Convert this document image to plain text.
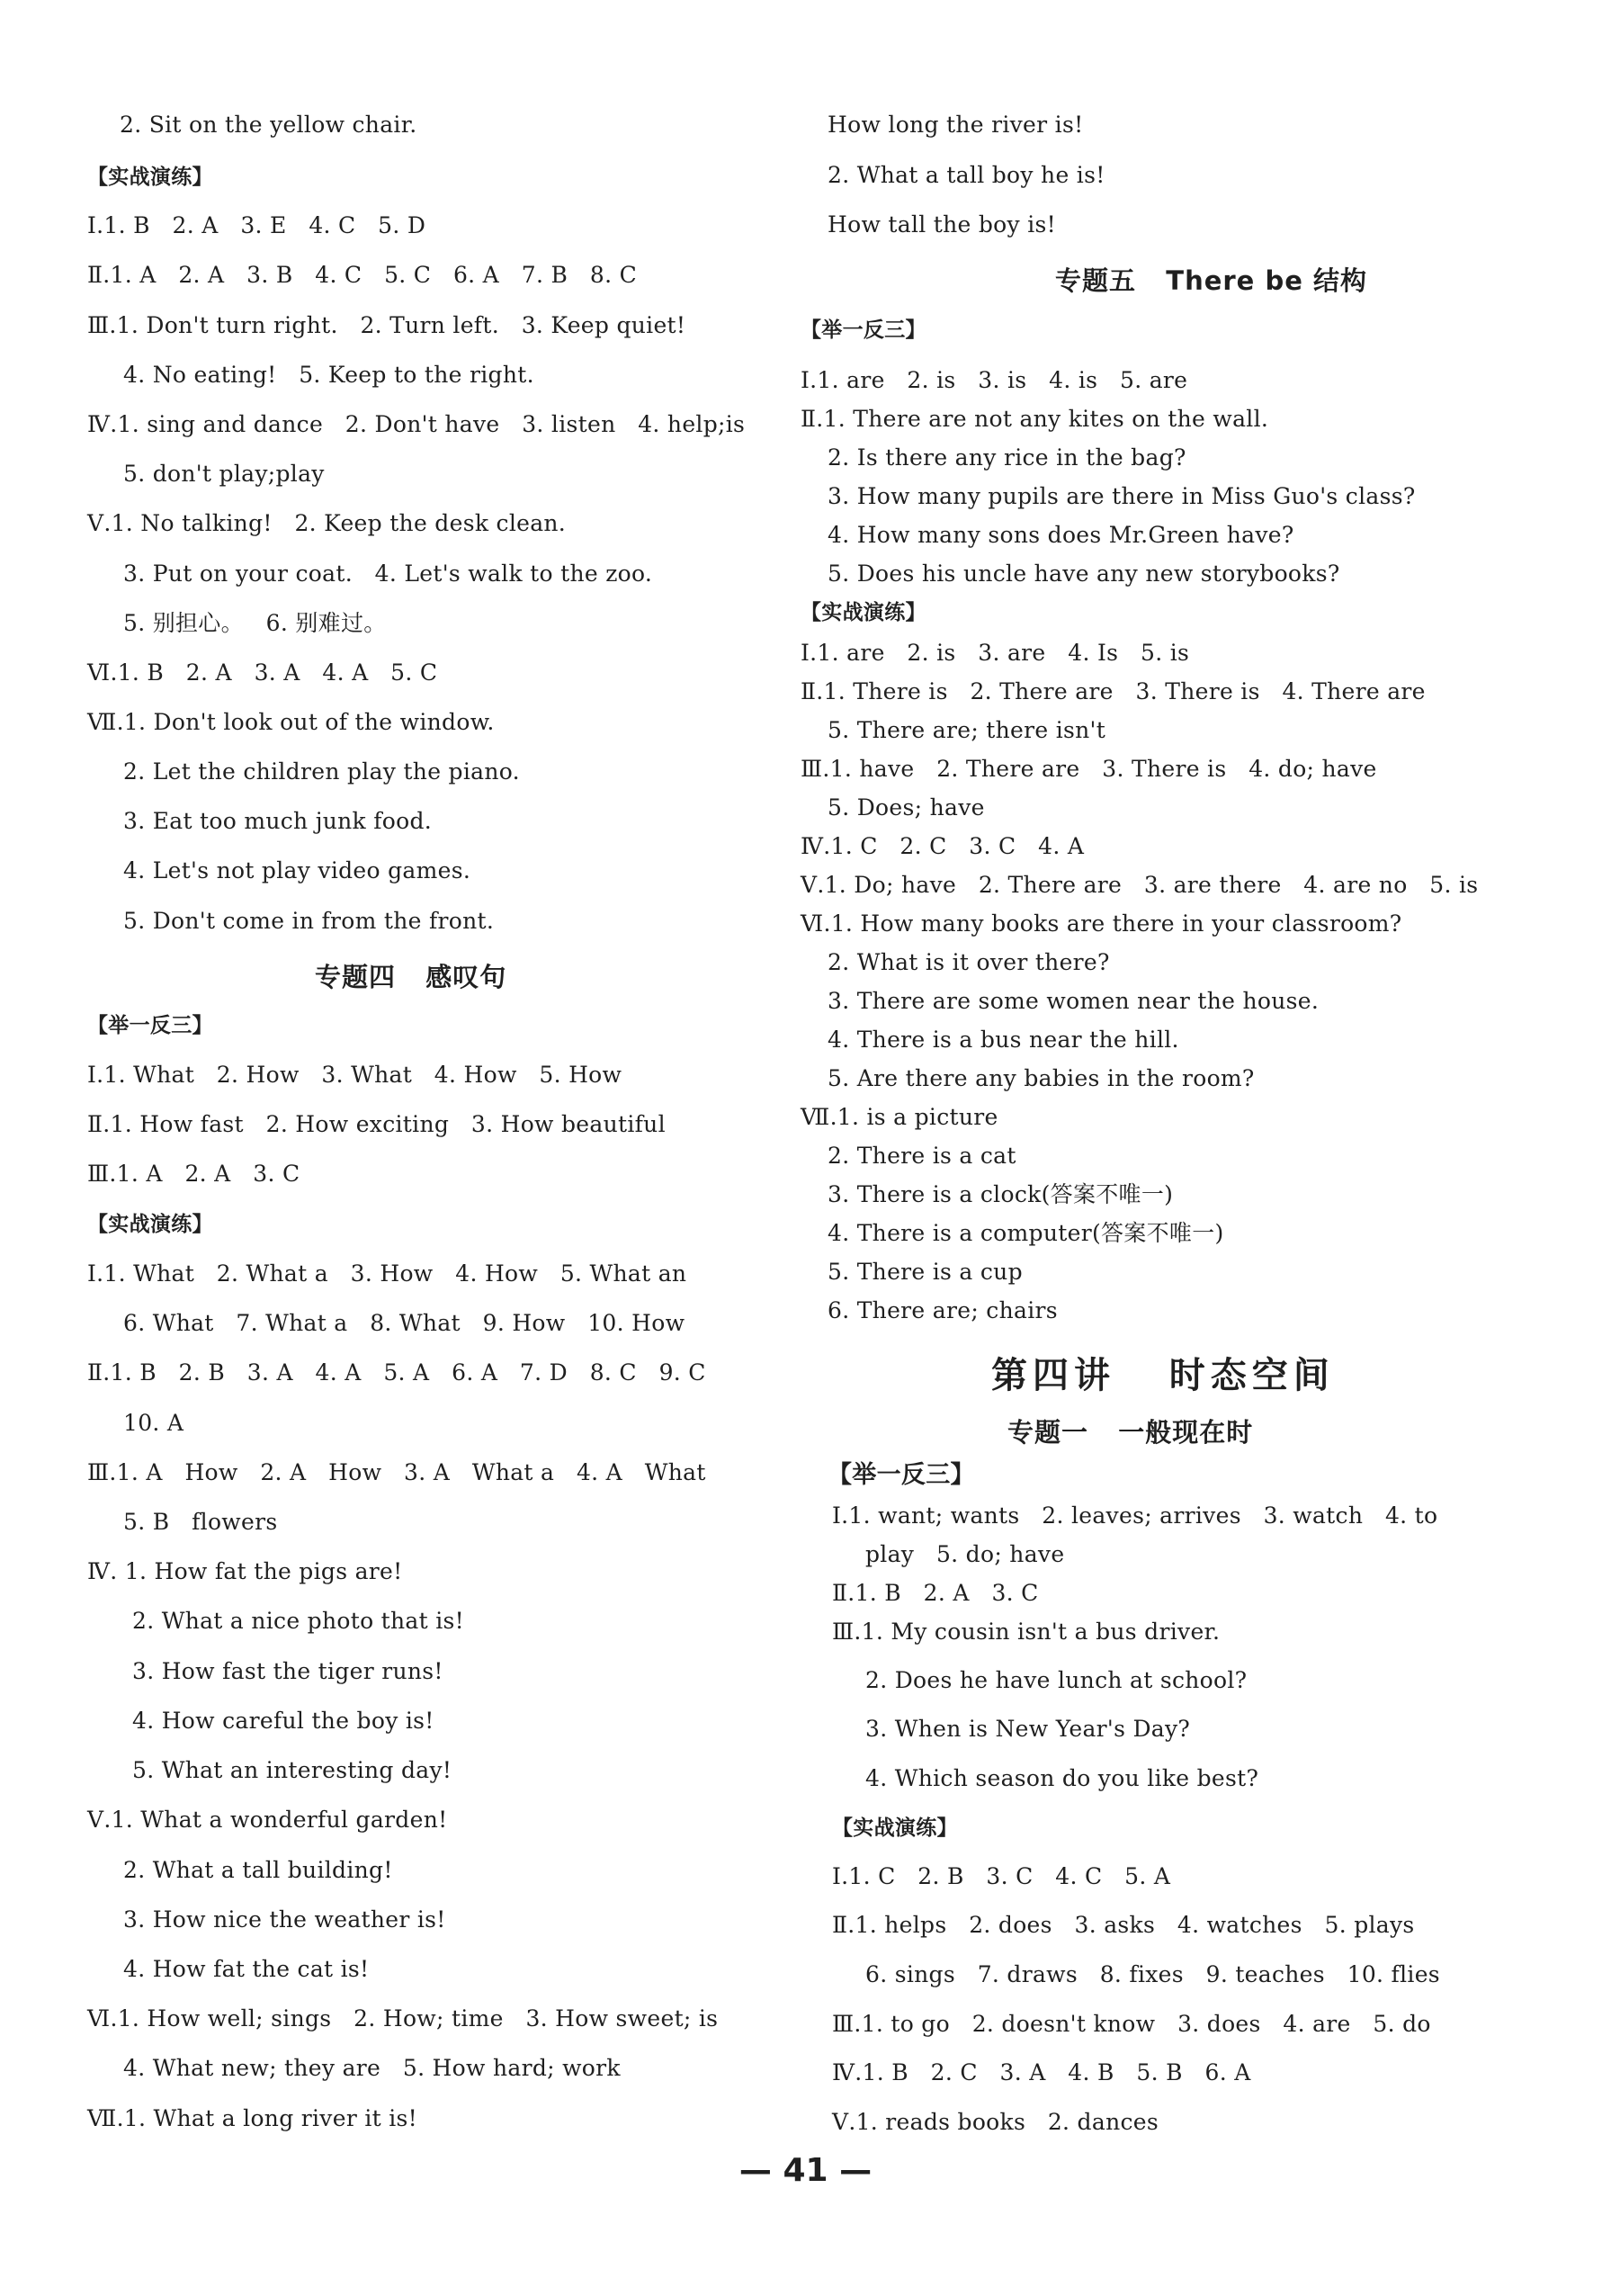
2. Sit on the yellow chair.
【实战演练】
Ⅰ.1. B   2. A   3. E   4. C   5. D
Ⅱ.1. A   2. A   3. B   4. C   5. C   6. A   7. B   8. C
Ⅲ.1. Don't turn right.   2. Turn left.   3. Keep quiet!
4. No eating!   5. Keep to the right.
Ⅳ.1. sing and dance   2. Don't have   3. listen   4. help;is
5. don't play;play
Ⅴ.1. No talking!   2. Keep the desk clean.
3. Put on your coat.   4. Let's walk to the zoo.
5. 别担心。   6. 别难过。
Ⅵ.1. B   2. A   3. A   4. A   5. C
Ⅶ.1. Don't look out of the window.
2. Let the children play the piano.
3. Eat too much junk food.
4. Let's not play video games.
5. Don't come in from the front.
专题四   感叹句
【举一反三】
Ⅰ.1. What   2. How   3. What   4. How   5. How
Ⅱ.1. How fast   2. How exciting   3. How beautiful
Ⅲ.1. A   2. A   3. C
【实战演练】
Ⅰ.1. What   2. What a   3. How   4. How   5. What an
6. What   7. What a   8. What   9. How   10. How
Ⅱ.1. B   2. B   3. A   4. A   5. A   6. A   7. D   8. C   9. C
10. A
Ⅲ.1. A   How   2. A   How   3. A   What a   4. A   What
5. B   flowers
Ⅳ. 1. How fat the pigs are!
2. What a nice photo that is!
3. How fast the tiger runs!
4. How careful the boy is!
5. What an interesting day!
Ⅴ.1. What a wonderful garden!
2. What a tall building!
3. How nice the weather is!
4. How fat the cat is!
Ⅵ.1. How well; sings   2. How; time   3. How sweet; is
4. What new; they are   5. How hard; work
Ⅶ.1. What a long river it is!
How long the river is!
2. What a tall boy he is!
How tall the boy is!
专题五   There be 结构
【举一反三】
Ⅰ.1. are   2. is   3. is   4. is   5. are
Ⅱ.1. There are not any kites on the wall.
2. Is there any rice in the bag?
3. How many pupils are there in Miss Guo's class?
4. How many sons does Mr.Green have?
5. Does his uncle have any new storybooks?
【实战演练】
Ⅰ.1. are   2. is   3. are   4. Is   5. is
Ⅱ.1. There is   2. There are   3. There is   4. There are
5. There are; there isn't
Ⅲ.1. have   2. There are   3. There is   4. do; have
5. Does; have
Ⅳ.1. C   2. C   3. C   4. A
Ⅴ.1. Do; have   2. There are   3. are there   4. are no   5. is
Ⅵ.1. How many books are there in your classroom?
2. What is it over there?
3. There are some women near the house.
4. There is a bus near the hill.
5. Are there any babies in the room?
Ⅶ.1. is a picture
2. There is a cat
3. There is a clock(答案不唯一)
4. There is a computer(答案不唯一)
5. There is a cup
6. There are; chairs
第四讲   时态空间
专题一   一般现在时
【举一反三】
Ⅰ.1. want; wants   2. leaves; arrives   3. watch   4. to
play   5. do; have
Ⅱ.1. B   2. A   3. C
Ⅲ.1. My cousin isn't a bus driver.
2. Does he have lunch at school?
3. When is New Year's Day?
4. Which season do you like best?
【实战演练】
Ⅰ.1. C   2. B   3. C   4. C   5. A
Ⅱ.1. helps   2. does   3. asks   4. watches   5. plays
6. sings   7. draws   8. fixes   9. teaches   10. flies
Ⅲ.1. to go   2. doesn't know   3. does   4. are   5. do
Ⅳ.1. B   2. C   3. A   4. B   5. B   6. A
Ⅴ.1. reads books   2. dances
— 41 —
